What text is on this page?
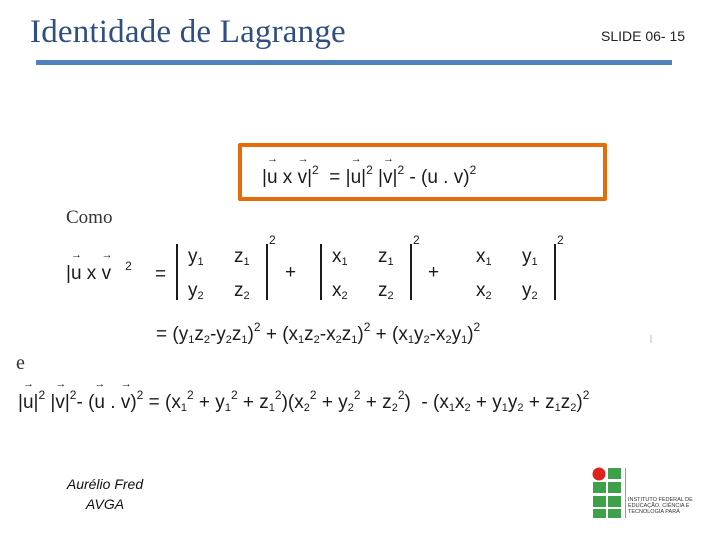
Identidade de Lagrange	SLIDE 06- 15
|→ u $x \to v|^2$  = |→ $u|^2$ |→ $v|^2 - (u$ . v)$^2$
Como
|→ u x → v $^2$ =
$y_1$ $z_1$
$y_2$ $z_2$
2
+
$x_1$ $z_1$
$x_2$ $z_2$
2
+
$x_1$ $y_1$
$x_2$ $y_2$
2
= $(y_1z_2-y_2z_1)^2 + (x_1z_2-x_2z_1)^2 + (x_1y_2-x_2y_1)^2$
e
|→ $u|^2$ |→ $v|^2-$ (→ u . → $v)^2 = (x_1^2 + y_1^2 + z_1^2)(x_2^2 + y_2^2 + z_2^2) - (x_1x_2 + y_1y_2 + z_1z_2)^2$
Aurélio Fred
AVGA	INSTITUTO FEDERAL DE EDUCAÇÃO, CIÊNCIA E TECNOLOGIA PARÁ
